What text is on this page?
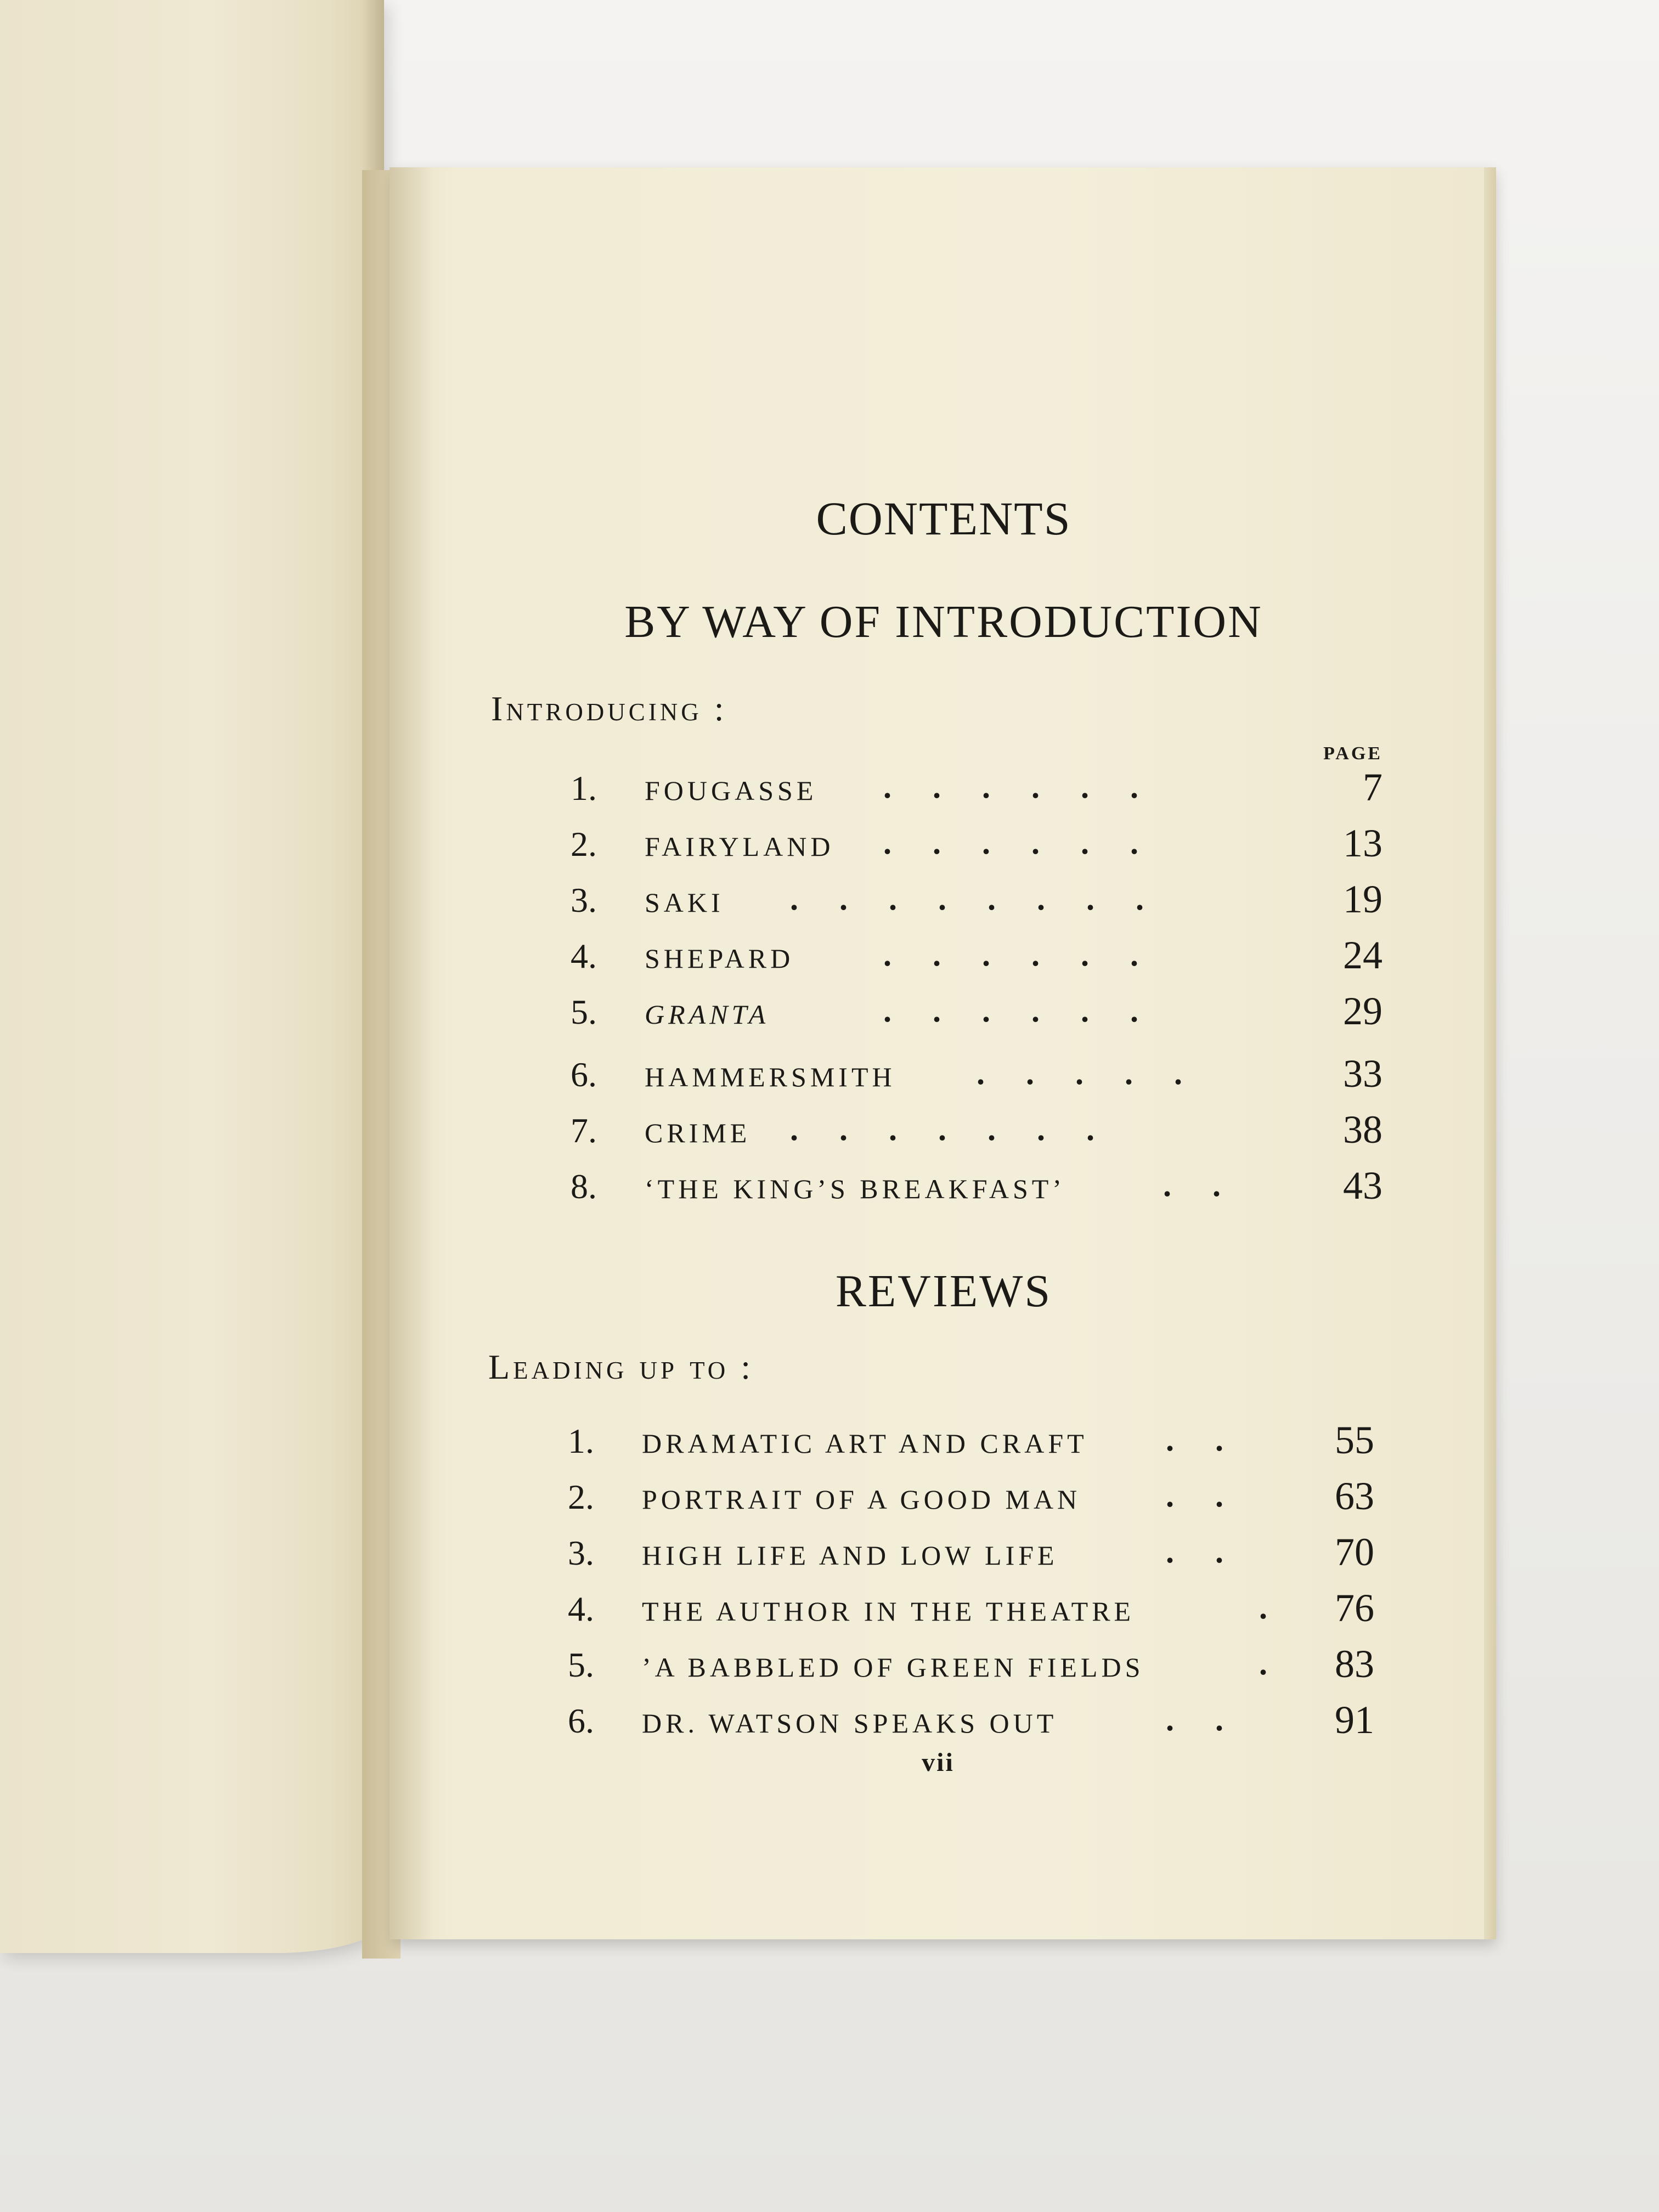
CONTENTS
BY WAY OF INTRODUCTION
Introducing :
PAGE
1.	FOUGASSE .     .     .     .     .     .	7
2.	FAIRYLAND .     .     .     .     .     .	13
3.	SAKI .     .     .     .     .     .     .     .	19
4.	SHEPARD	.     .     .     .     .     .	24
5.	GRANTA	.     .     .     .     .     .	29
6.	HAMMERSMITH .     .     .     .     .	33
7.	CRIME .     .     .     .     .     .     .	38
8.	‘THE KING’S BREAKFAST’	.     .	43
REVIEWS
Leading up to :
1.	DRAMATIC ART AND CRAFT .     .	55
2.	PORTRAIT OF A GOOD MAN	.     .	63
3.	HIGH LIFE AND LOW LIFE	.     .	70
4.	THE AUTHOR IN THE THEATRE	.	76
5.	’A BABBLED OF GREEN FIELDS	.	83
6.	DR. WATSON SPEAKS OUT	.     .	91
vii
